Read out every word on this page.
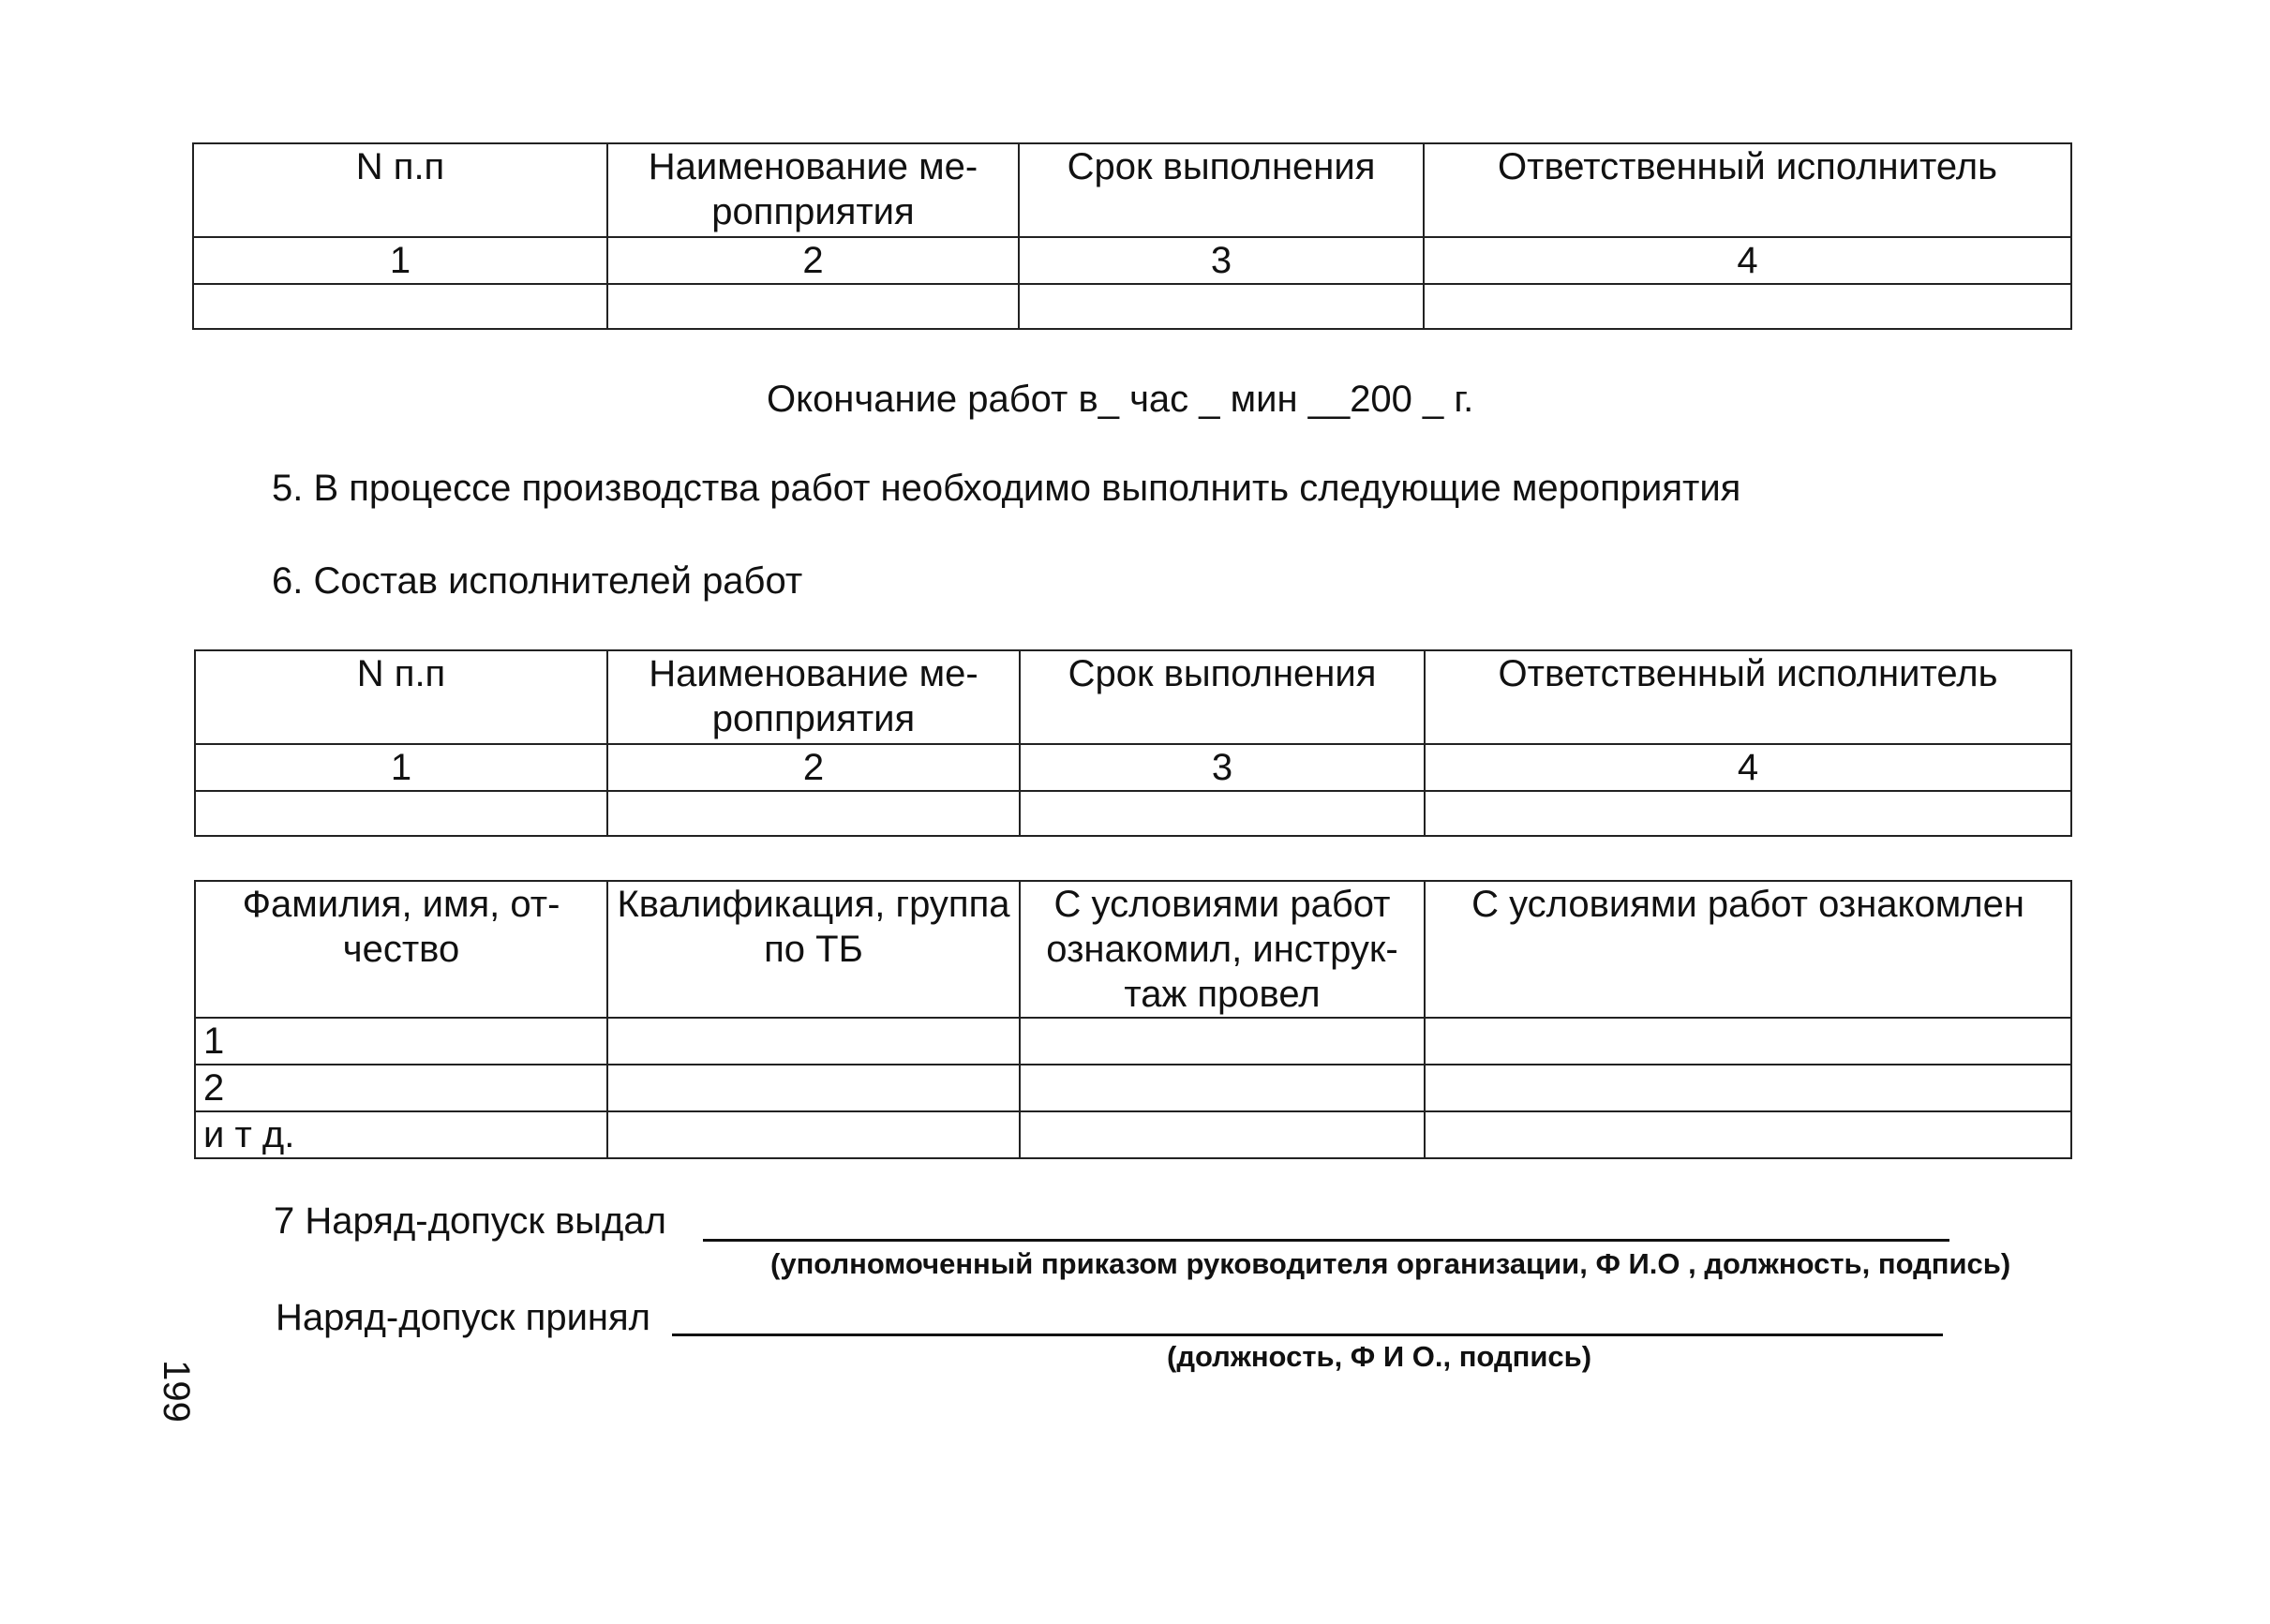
N п.п	Наименование ме-ропприятия	Срок выполнения	Ответственный исполнитель
1	2	3	4

Окончание работ в_ час _ мин __200 _ г.
5. В процессе производства работ необходимо выполнить следующие мероприятия
6. Состав исполнителей работ
N п.п	Наименование ме-ропприятия	Срок выполнения	Ответственный исполнитель
1	2	3	4

Фамилия, имя, от-чество	Квалификация, группа по ТБ	С условиями работ ознакомил, инструк-таж провел	С условиями работ ознакомлен
1			
2			
и т д.			
7 Наряд-допуск выдал
(уполномоченный приказом руководителя организации, Ф И.О , должность, подпись)
Наряд-допуск принял
(должность, Ф И О., подпись)
199
